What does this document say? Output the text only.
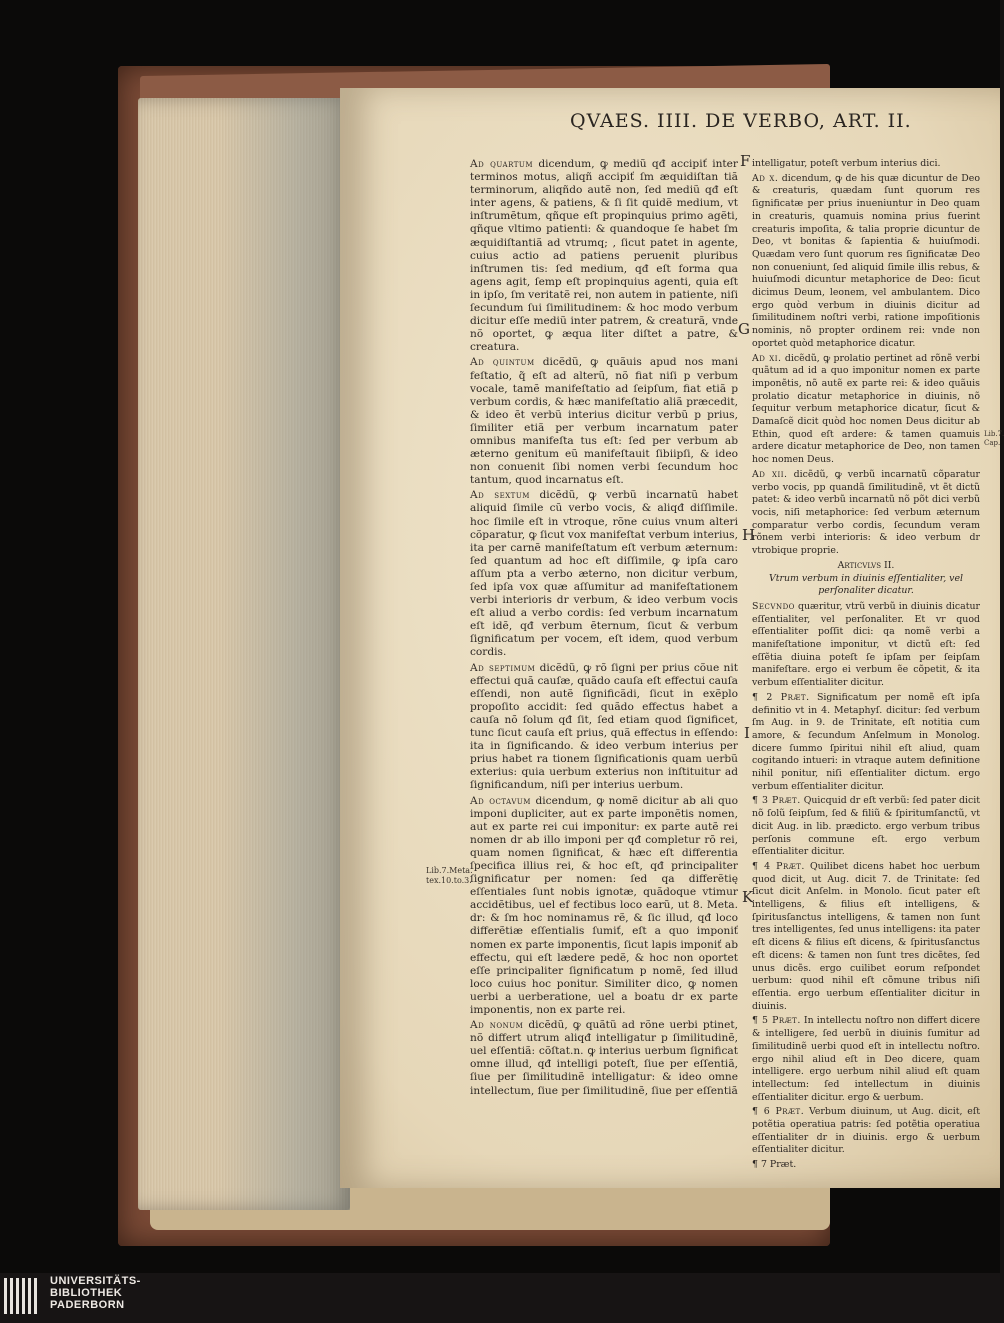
QVAES. IIII. DE VERBO, ART. II.

Ad quartum dicendum, ꝙ mediũ qđ accipiť inter terminos motus, aliqñ accipiť ſm æquidiſtan tiã terminorum, aliqñdo autẽ non, ſed mediũ qđ eſt inter agens, & patiens, & ſi ſit quidẽ medium, vt inſtrumẽtum, qñque eſt propinquius primo agẽti, qñque vltimo patienti: & quandoque ſe habet ſm æquidiſtantiã ad vtrumq; , ſicut patet in agente, cuius actio ad patiens peruenit pluribus inſtrumen tis: ſed medium, qđ eſt forma qua agens agit, ſemp eſt propinquius agenti, quia eſt in ipſo, ſm veritatẽ rei, non autem in patiente, niſi ſecundum ſui ſimilitudinem: & hoc modo verbum dicitur eſſe mediũ inter patrem, & creaturã, vnde nõ oportet, ꝙ æqua liter diſtet a patre, & creatura.

Ad quintum dicẽdũ, ꝙ quãuis apud nos mani feſtatio, q̃ eſt ad alterũ, nõ fiat niſi p verbum vocale, tamẽ manifeſtatio ad ſeipſum, fiat etiã p verbum cordis, & hæc manifeſtatio aliã præcedit, & ideo ẽt verbũ interius dicitur verbũ p prius, ſimiliter etiã per verbum incarnatum pater omnibus manifeſta tus eſt: ſed per verbum ab æterno genitum eũ manifeſtauit ſibiipſi, & ideo non conuenit ſibi nomen verbi ſecundum hoc tantum, quod incarnatus eſt.

Ad sextum dicẽdũ, ꝙ verbũ incarnatũ habet aliquid ſimile cũ verbo vocis, & aliqđ diſſimile. hoc ſimile eſt in vtroque, rõne cuius vnum alteri cõparatur, ꝙ ſicut vox manifeſtat verbum interius, ita per carnẽ manifeſtatum eſt verbum æternum: ſed quantum ad hoc eſt diſſimile, ꝙ ipſa caro aſſum pta a verbo æterno, non dicitur verbum, ſed ipſa vox quæ aſſumitur ad manifeſtationem verbi interioris dr verbum, & ideo verbum vocis eſt aliud a verbo cordis: ſed verbum incarnatum eſt idẽ, qđ verbum ẽternum, ſicut & verbum ſignificatum per vocem, eſt idem, quod verbum cordis.

Ad septimum dicẽdũ, ꝙ rõ ſigni per prius cõue nit effectui quã cauſæ, quãdo cauſa eſt effectui cauſa eſſendi, non autẽ ſignificãdi, ſicut in exẽplo propoſito accidit: ſed quãdo effectus habet a cauſa nõ ſolum qđ ſit, ſed etiam quod ſignificet, tunc ſicut cauſa eſt prius, quã effectus in eſſendo: ita in ſignificando. & ideo verbum interius per prius habet ra tionem ſignificationis quam uerbũ exterius: quia uerbum exterius non inſtituitur ad ſignificandum, niſi per interius uerbum.

Ad octavum dicendum, ꝙ nomẽ dicitur ab ali quo imponi dupliciter, aut ex parte imponẽtis nomen, aut ex parte rei cui imponitur: ex parte autẽ rei nomen dr ab illo imponi per qđ completur rõ rei, quam nomen ſignificat, & hæc eſt differentia ſpecifica illius rei, & hoc eſt, qđ principaliter ſignificatur per nomen: ſed qa differẽtię eſſentiales ſunt nobis ignotæ, quãdoque vtimur accidẽtibus, uel ef fectibus loco earũ, ut 8. Meta. dr: & ſm hoc nominamus rẽ, & ſic illud, qđ loco differẽtiæ eſſentialis ſumiť, eſt a quo imponiť nomen ex parte imponentis, ſicut lapis imponiť ab effectu, qui eſt lædere pedẽ, & hoc non oportet eſſe principaliter ſignificatum p nomẽ, ſed illud loco cuius hoc ponitur. Similiter dico, ꝙ nomen uerbi a uerberatione, uel a boatu dr ex parte imponentis, non ex parte rei.

Ad nonum dicẽdũ, ꝙ quãtũ ad rõne uerbi ptinet, nõ differt utrum aliqđ intelligatur p ſimilitudinẽ, uel eſſentiã: cõſtat.n. ꝙ interius uerbum ſignificat omne illud, qđ intelligi poteſt, ſiue per eſſentiã, ſiue per ſimilitudinẽ intelligatur: & ideo omne intellectum, ſiue per ſimilitudinẽ, ſiue per eſſentiã

intelligatur, poteſt verbum interius dici.

Ad x. dicendum, ꝙ de his quæ dicuntur de Deo & creaturis, quædam ſunt quorum res ſignificatæ per prius inueniuntur in Deo quam in creaturis, quamuis nomina prius fuerint creaturis impoſita, & talia proprie dicuntur de Deo, vt bonitas & ſapientia & huiuſmodi. Quædam vero ſunt quorum res ſignificatæ Deo non conueniunt, ſed aliquid ſimile illis rebus, & huiuſmodi dicuntur metaphorice de Deo: ſicut dicimus Deum, leonem, vel ambulantem. Dico ergo quòd verbum in diuinis dicitur ad ſimilitudinem noſtri verbi, ratione impoſitionis nominis, nõ propter ordinem rei: vnde non oportet quòd metaphorice dicatur.

Ad xi. dicẽdũ, ꝙ prolatio pertinet ad rõnẽ verbi quãtum ad id a quo imponitur nomen ex parte imponẽtis, nõ autẽ ex parte rei: & ideo quãuis prolatio dicatur metaphorice in diuinis, nõ ſequitur verbum metaphorice dicatur, ſicut & Damaſcẽ dicit quòd hoc nomen Deus dicitur ab Ethin, quod eſt ardere: & tamen quamuis ardere dicatur metaphorice de Deo, non tamen hoc nomen Deus.

Ad xii. dicẽdũ, ꝙ verbũ incarnatũ cõparatur verbo vocis, pp quandã ſimilitudinẽ, vt ẽt dictũ patet: & ideo verbũ incarnatũ nõ põt dici verbũ vocis, niſi metaphorice: ſed verbum æternum comparatur verbo cordis, ſecundum veram rõnem verbi interioris: & ideo verbum dr vtrobique proprie.

Articvlvs II.
Vtrum verbum in diuinis eſſentialiter, vel perſonaliter dicatur.

Secvndo quæritur, vtrũ verbũ in diuinis dicatur eſſentialiter, vel perſonaliter. Et vr quod eſſentialiter poſſit dici: qa nomẽ verbi a manifeſtatione imponitur, vt dictũ eſt: ſed eſſẽtia diuina poteſt ſe ipſam per ſeipſam manifeſtare. ergo ei verbum ẽe cõpetit, & ita verbum eſſentialiter dicitur.

¶ 2 Præt. Significatum per nomẽ eſt ipſa definitio vt in 4. Metaphyſ. dicitur: ſed verbum ſm Aug. in 9. de Trinitate, eſt notitia cum amore, & ſecundum Anſelmum in Monolog. dicere ſummo ſpiritui nihil eſt aliud, quam cogitando intueri: in vtraque autem definitione nihil ponitur, niſi eſſentialiter dictum. ergo verbum eſſentialiter dicitur.

¶ 3 Præt. Quicquid dr eſt verbũ: ſed pater dicit nõ ſolũ ſeipſum, ſed & filiũ & ſpiritumſanctũ, vt dicit Aug. in lib. prædicto. ergo verbum tribus perſonis commune eſt. ergo verbum eſſentialiter dicitur.

¶ 4 Præt. Quilibet dicens habet hoc uerbum quod dicit, ut Aug. dicit 7. de Trinitate: ſed ſicut dicit Anſelm. in Monolo. ſicut pater eſt intelligens, & filius eſt intelligens, & ſpiritusſanctus intelligens, & tamen non ſunt tres intelligentes, ſed unus intelligens: ita pater eſt dicens & filius eſt dicens, & ſpiritusſanctus eſt dicens: & tamen non ſunt tres dicẽtes, ſed unus dicẽs. ergo cuilibet eorum reſpondet uerbum: quod nihil eſt cõmune tribus niſi eſſentia. ergo uerbum eſſentialiter dicitur in diuinis.

¶ 5 Præt. In intellectu noſtro non differt dicere & intelligere, ſed uerbũ in diuinis ſumitur ad ſimilitudinẽ uerbi quod eſt in intellectu noſtro. ergo nihil aliud eſt in Deo dicere, quam intelligere. ergo uerbum nihil aliud eſt quam intellectum: ſed intellectum in diuinis eſſentialiter dicitur. ergo & uerbum.

¶ 6 Præt. Verbum diuinum, ut Aug. dicit, eſt potẽtia operatiua patris: ſed potẽtia operatiua eſſentialiter dr in diuinis. ergo & uerbum eſſentialiter dicitur.

¶ 7 Præt.

F
G
H
I
K
Lib.7.Meta. tex.10.to.3.
Lib.7. Cap.
UNIVERSITÄTS-
BIBLIOTHEK
PADERBORN
